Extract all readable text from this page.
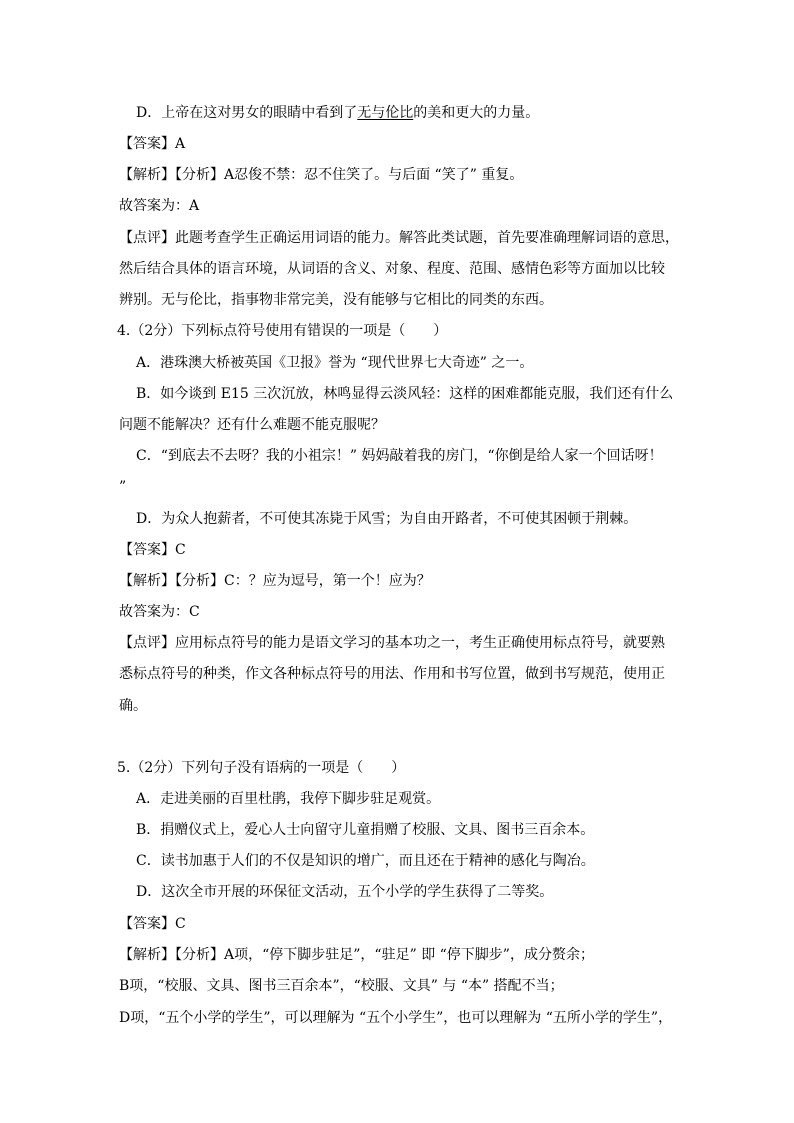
D．上帝在这对男女的眼睛中看到了无与伦比的美和更大的力量。
【答案】A
【解析】【分析】A忍俊不禁：忍不住笑了。与后面 “笑了” 重复。
故答案为：A
【点评】此题考查学生正确运用词语的能力。解答此类试题，首先要准确理解词语的意思，
然后结合具体的语言环境，从词语的含义、对象、程度、范围、感情色彩等方面加以比较
辨别。无与伦比，指事物非常完美，没有能够与它相比的同类的东西。
4.（2分）下列标点符号使用有错误的一项是（　　）
A．港珠澳大桥被英国《卫报》誉为 “现代世界七大奇迹” 之一。
B．如今谈到 E15 三次沉放，林鸣显得云淡风轻：这样的困难都能克服，我们还有什么
问题不能解决？还有什么难题不能克服呢？
C．“到底去不去呀？我的小祖宗！” 妈妈敲着我的房门，“你倒是给人家一个回话呀！
”
D．为众人抱薪者，不可使其冻毙于风雪；为自由开路者，不可使其困顿于荆棘。
【答案】C
【解析】【分析】C：？应为逗号，第一个！应为？
故答案为：C
【点评】应用标点符号的能力是语文学习的基本功之一，考生正确使用标点符号，就要熟
悉标点符号的种类，作文各种标点符号的用法、作用和书写位置，做到书写规范，使用正
确。
5.（2分）下列句子没有语病的一项是（　　）
A．走进美丽的百里杜鹃，我停下脚步驻足观赏。
B．捐赠仪式上，爱心人士向留守儿童捐赠了校服、文具、图书三百余本。
C．读书加惠于人们的不仅是知识的增广，而且还在于精神的感化与陶冶。
D．这次全市开展的环保征文活动，五个小学的学生获得了二等奖。
【答案】C
【解析】【分析】A项，“停下脚步驻足”，“驻足” 即 “停下脚步”，成分赘余；
B项，“校服、文具、图书三百余本”，“校服、文具” 与 “本” 搭配不当；
D项，“五个小学的学生”，可以理解为 “五个小学生”，也可以理解为 “五所小学的学生”，
